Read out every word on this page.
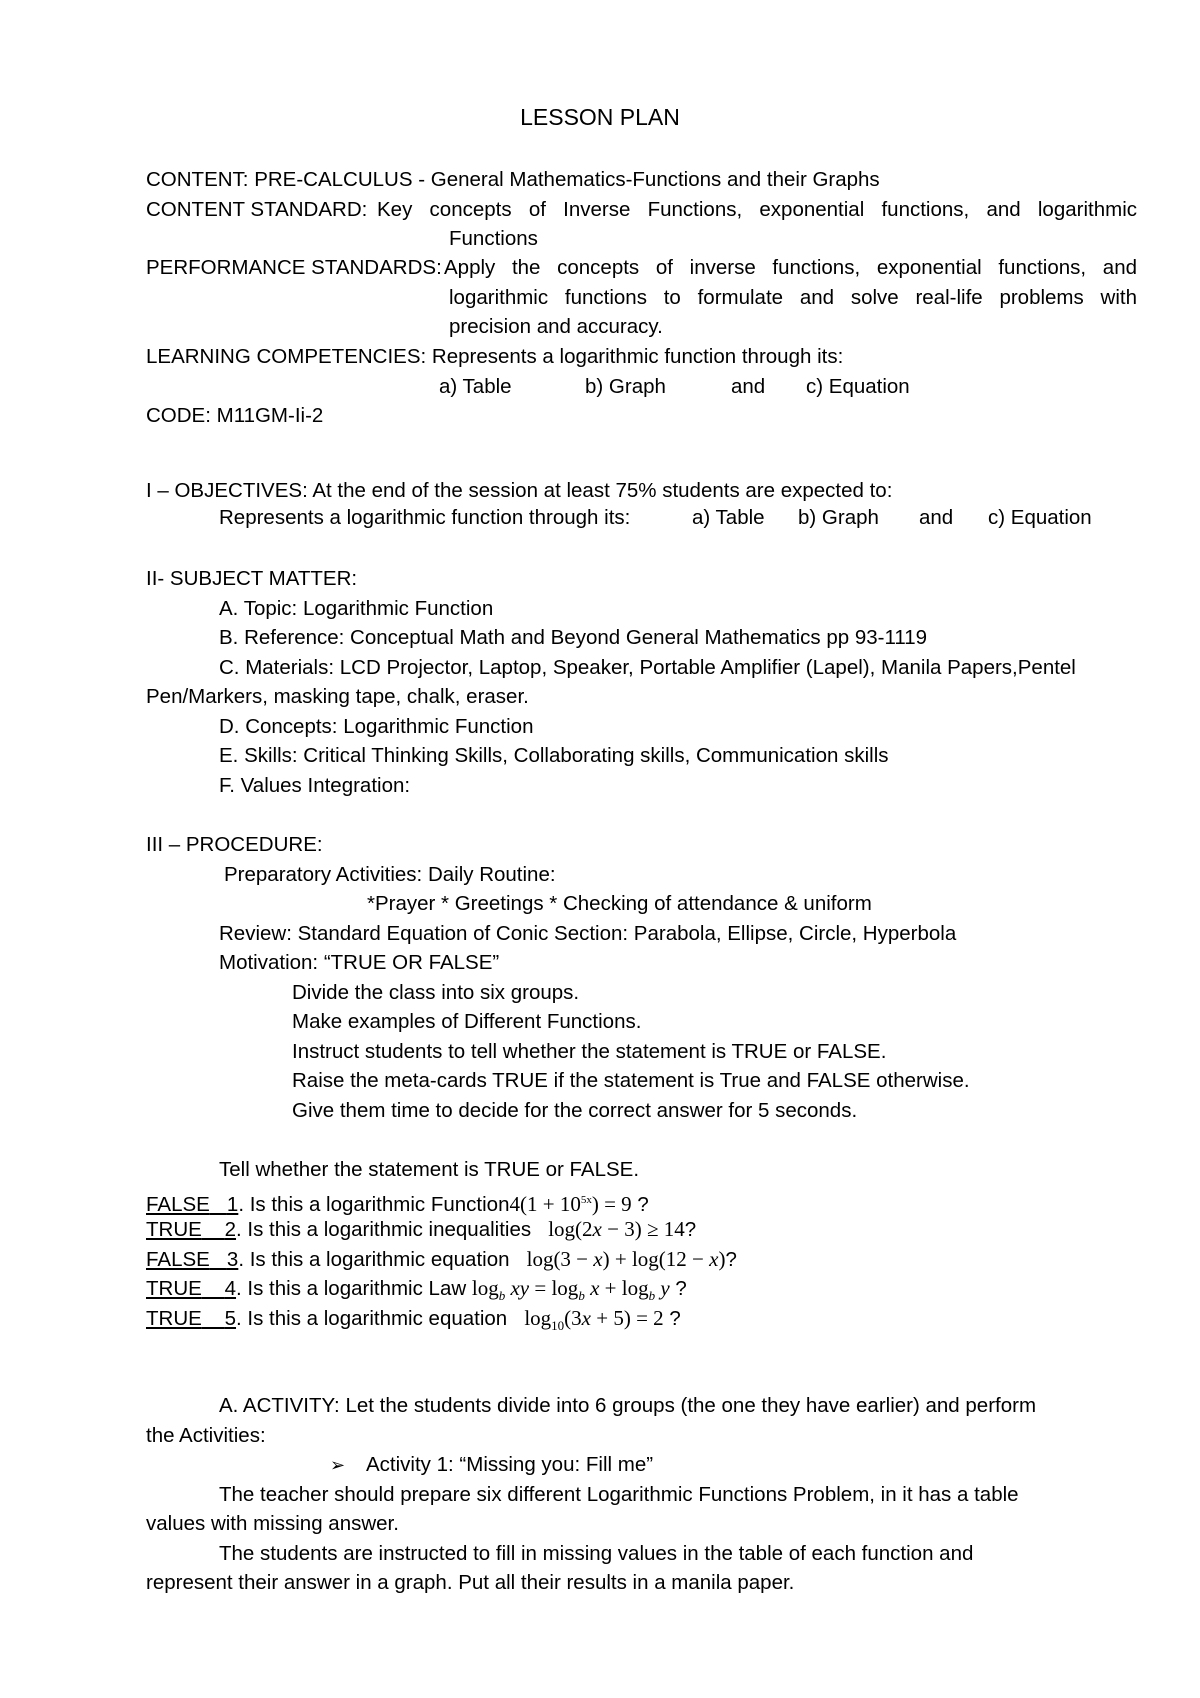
LESSON PLAN
CONTENT: PRE-CALCULUS - General Mathematics-Functions and their Graphs
CONTENT STANDARD: Key concepts of Inverse Functions, exponential functions, and logarithmic
Functions
PERFORMANCE STANDARDS: Apply the concepts of inverse functions, exponential functions, and
logarithmic functions to formulate and solve real-life problems with
precision and accuracy.
LEARNING COMPETENCIES: Represents a logarithmic function through its:
a) Table	b) Graph	and c) Equation
CODE: M11GM-Ii-2
I – OBJECTIVES: At the end of the session at least 75% students are expected to:
Represents a logarithmic function through its:	a) Table b) Graph and c) Equation
II- SUBJECT MATTER:
A. Topic: Logarithmic Function
B. Reference: Conceptual Math and Beyond General Mathematics pp 93-1119
C. Materials: LCD Projector, Laptop, Speaker, Portable Amplifier (Lapel), Manila Papers,Pentel
Pen/Markers, masking tape, chalk, eraser.
D. Concepts: Logarithmic Function
E. Skills: Critical Thinking Skills, Collaborating skills, Communication skills
F. Values Integration:
III – PROCEDURE:
Preparatory Activities: Daily Routine:
*Prayer * Greetings * Checking of attendance & uniform
Review: Standard Equation of Conic Section: Parabola, Ellipse, Circle, Hyperbola
Motivation: “TRUE OR FALSE”
Divide the class into six groups.
Make examples of Different Functions.
Instruct students to tell whether the statement is TRUE or FALSE.
Raise the meta-cards TRUE if the statement is True and FALSE otherwise.
Give them time to decide for the correct answer for 5 seconds.
Tell whether the statement is TRUE or FALSE.
FALSE 1. Is this a logarithmic Function4(1 + $10^{5x}) = 9$ ?
TRUE 2. Is this a logarithmic inequalities log(2x − 3) ≥ 14?
FALSE 3. Is this a logarithmic equation log(3 − x) + log(12 − x)?
TRUE 4. Is this a logarithmic Law $\log_b$ xy = $\log_b x + \log_b y$ ?
TRUE 5. Is this a logarithmic equation $\log_{10}(3x + 5) = 2$ ?
A. ACTIVITY: Let the students divide into 6 groups (the one they have earlier) and perform
the Activities:
➢ Activity 1: “Missing you: Fill me”
The teacher should prepare six different Logarithmic Functions Problem, in it has a table
values with missing answer.
The students are instructed to fill in missing values in the table of each function and
represent their answer in a graph. Put all their results in a manila paper.
